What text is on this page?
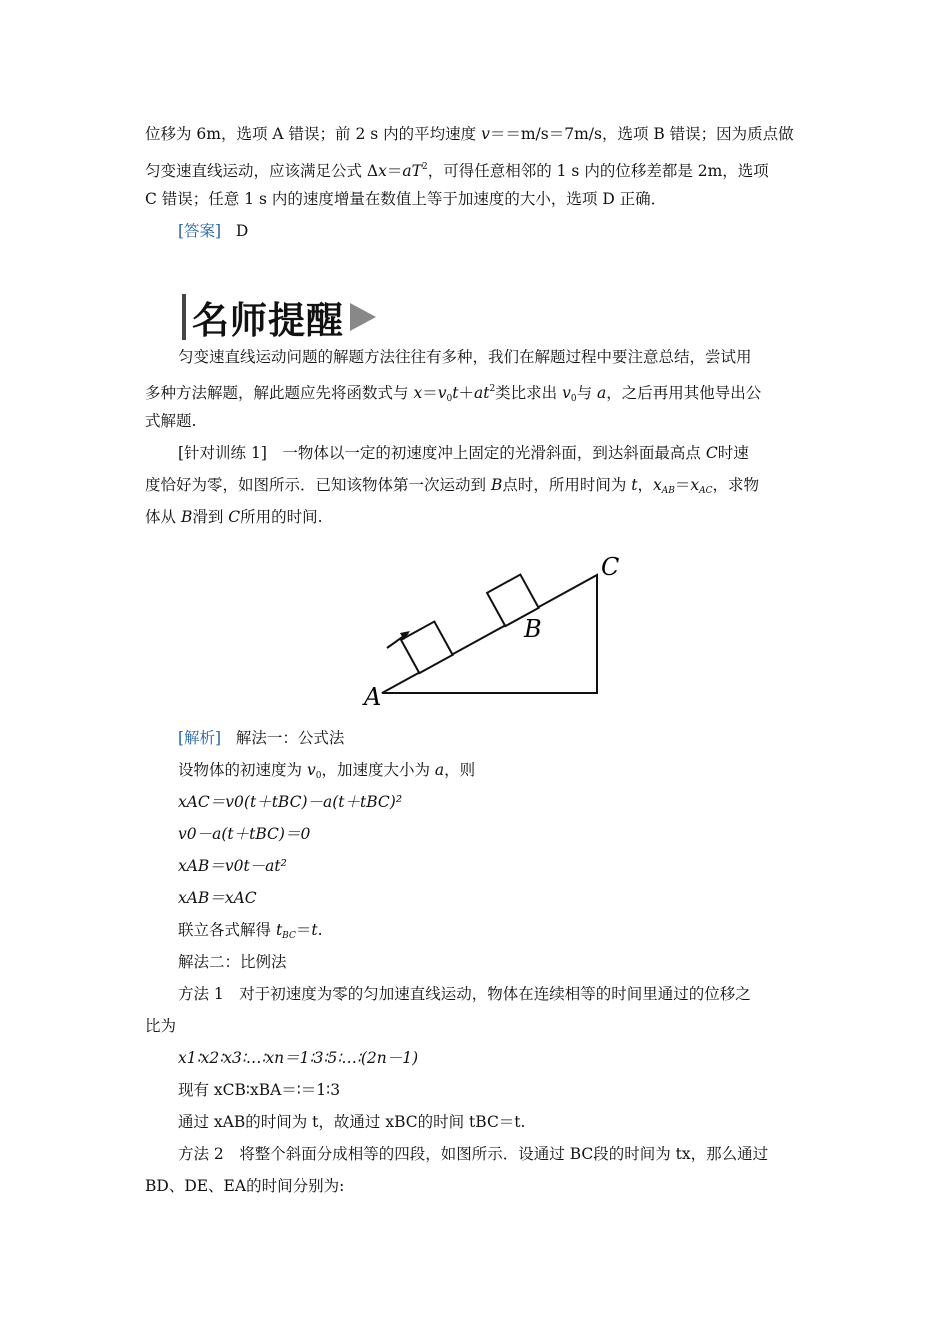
位移为 6m，选项 A 错误；前 2 s 内的平均速度 v＝＝m/s＝7m/s，选项 B 错误；因为质点做
匀变速直线运动，应该满足公式 $\Delta x=aT^2$，可得任意相邻的 1 s 内的位移差都是 2m，选项
C 错误；任意 1 s 内的速度增量在数值上等于加速度的大小，选项 D 正确．
[答案] D
名师提醒
匀变速直线运动问题的解题方法往往有多种，我们在解题过程中要注意总结，尝试用
多种方法解题，解此题应先将函数式与 $x=v_0t+at^2$类比求出 $v_0$与 a，之后再用其他导出公
式解题.
[针对训练 1]　一物体以一定的初速度冲上固定的光滑斜面，到达斜面最高点 C时速
度恰好为零，如图所示．已知该物体第一次运动到 B点时，所用时间为 t，$x_{AB}=x_{AC}$，求物
体从 B滑到 C所用的时间.
A
B
C
[解析] 解法一：公式法
设物体的初速度为 $v_0$，加速度大小为 a，则
xAC＝v0(t＋tBC)－a(t＋tBC)²
v0－a(t＋tBC)＝0
xAB＝v0t－at²
xAB＝xAC
联立各式解得 $t_{BC}=t$.
解法二：比例法
方法 1　对于初速度为零的匀加速直线运动，物体在连续相等的时间里通过的位移之
比为
x1∶x2∶x3∶…∶xn＝1∶3∶5∶…∶(2n－1)
现有 xCB∶xBA＝∶＝1∶3
通过 xAB的时间为 t，故通过 xBC的时间 tBC＝t.
方法 2　将整个斜面分成相等的四段，如图所示．设通过 BC段的时间为 tx，那么通过
BD、DE、EA的时间分别为:
